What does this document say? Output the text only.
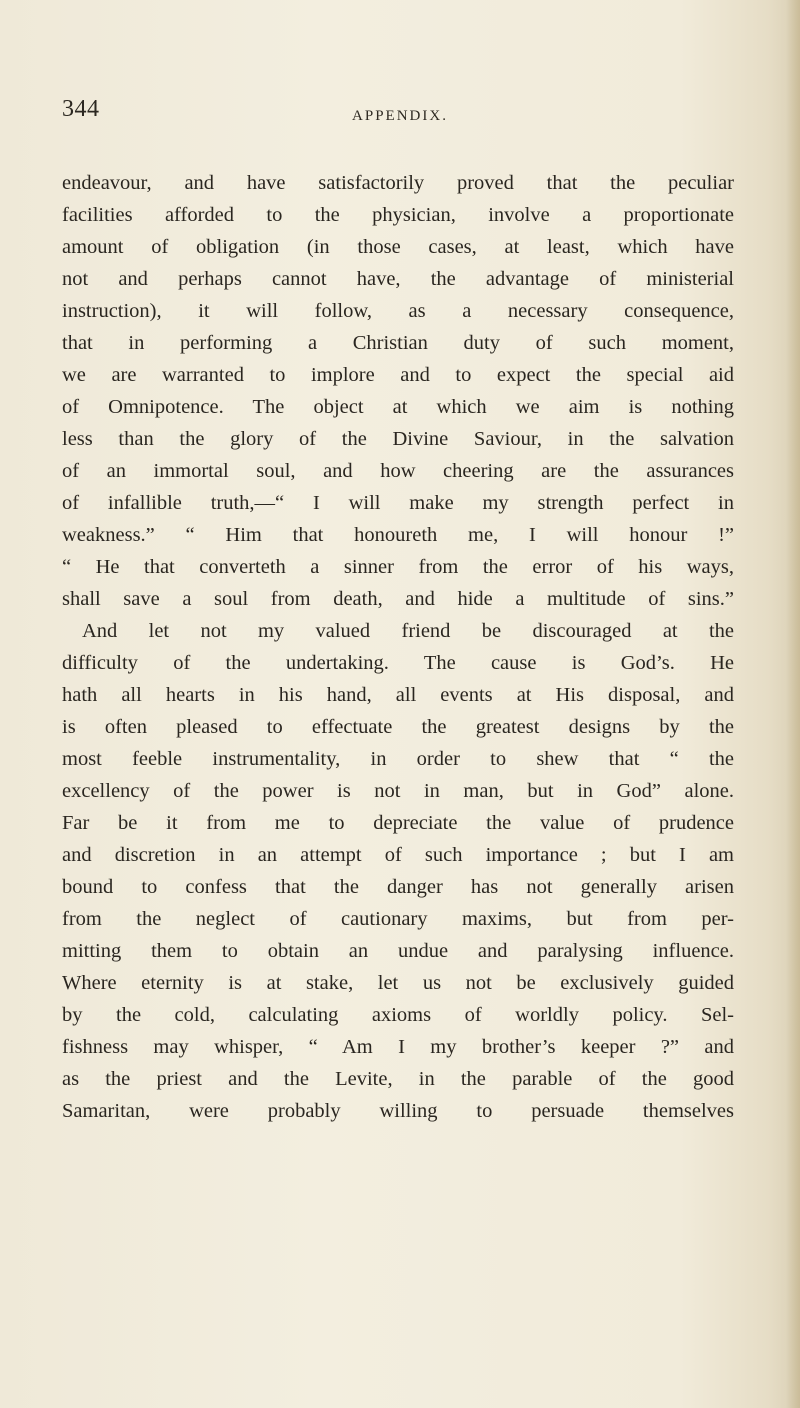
344	APPENDIX.
endeavour, and have satisfactorily proved that the peculiar
facilities afforded to the physician, involve a proportionate
amount of obligation (in those cases, at least, which have
not and perhaps cannot have, the advantage of ministerial
instruction), it will follow, as a necessary consequence,
that in performing a Christian duty of such moment,
we are warranted to implore and to expect the special aid
of Omnipotence. The object at which we aim is nothing
less than the glory of the Divine Saviour, in the salvation
of an immortal soul, and how cheering are the assurances
of infallible truth,—“ I will make my strength perfect in
weakness.” “ Him that honoureth me, I will honour !”
“ He that converteth a sinner from the error of his ways,
shall save a soul from death, and hide a multitude of sins.”
And let not my valued friend be discouraged at the
difficulty of the undertaking. The cause is God’s. He
hath all hearts in his hand, all events at His disposal, and
is often pleased to effectuate the greatest designs by the
most feeble instrumentality, in order to shew that “ the
excellency of the power is not in man, but in God” alone.
Far be it from me to depreciate the value of prudence
and discretion in an attempt of such importance ; but I am
bound to confess that the danger has not generally arisen
from the neglect of cautionary maxims, but from per-
mitting them to obtain an undue and paralysing influence.
Where eternity is at stake, let us not be exclusively guided
by the cold, calculating axioms of worldly policy. Sel-
fishness may whisper, “ Am I my brother’s keeper ?” and
as the priest and the Levite, in the parable of the good
Samaritan, were probably willing to persuade themselves
